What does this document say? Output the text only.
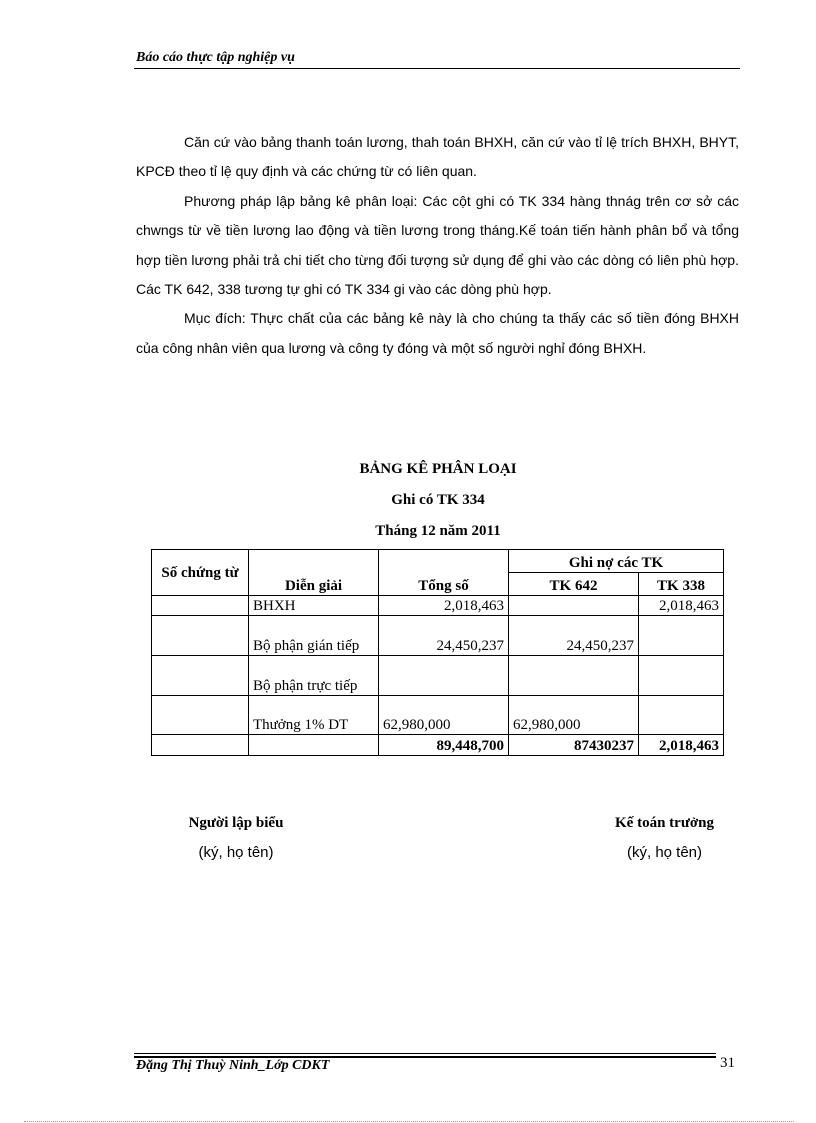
Báo cáo thực tập nghiệp vụ

Căn cứ vào bảng thanh toán lương, thah toán BHXH, căn cứ vào tỉ lệ trích BHXH, BHYT, KPCĐ theo tỉ lệ quy định và các chứng từ có liên quan.

Phương pháp lập bảng kê phân loại: Các cột ghi có TK 334 hàng thnág trên cơ sở các chwngs từ về tiền lương lao động và tiền lương trong tháng.Kế toán tiến hành phân bổ và tổng hợp tiền lương phải trả chi tiết cho từng đối tượng sử dụng để ghi vào các dòng có liên phù hợp. Các TK 642, 338 tương tự ghi có TK 334 gi vào các dòng phù hợp.

Mục đích: Thực chất của các bảng kê này là cho chúng ta thấy các số tiền đóng BHXH của công nhân viên qua lương và công ty đóng và một số người nghỉ đóng BHXH.

BẢNG KÊ PHÂN LOẠI
Ghi có TK 334
Tháng 12 năm 2011
Số chứng từ	Diễn giải	Tổng số	Ghi nợ các TK	
			TK 642	TK 338
	BHXH	2,018,463		2,018,463
	Bộ phận gián tiếp	24,450,237	24,450,237	
	Bộ phận trực tiếp			
	Thưởng 1% DT	62,980,000	62,980,000	
		89,448,700	87430237	2,018,463
Người lập biểu
(ký, họ tên)
Kế toán trưởng
(ký, họ tên)
Đặng Thị Thuỳ Ninh_Lớp CDKT	31
